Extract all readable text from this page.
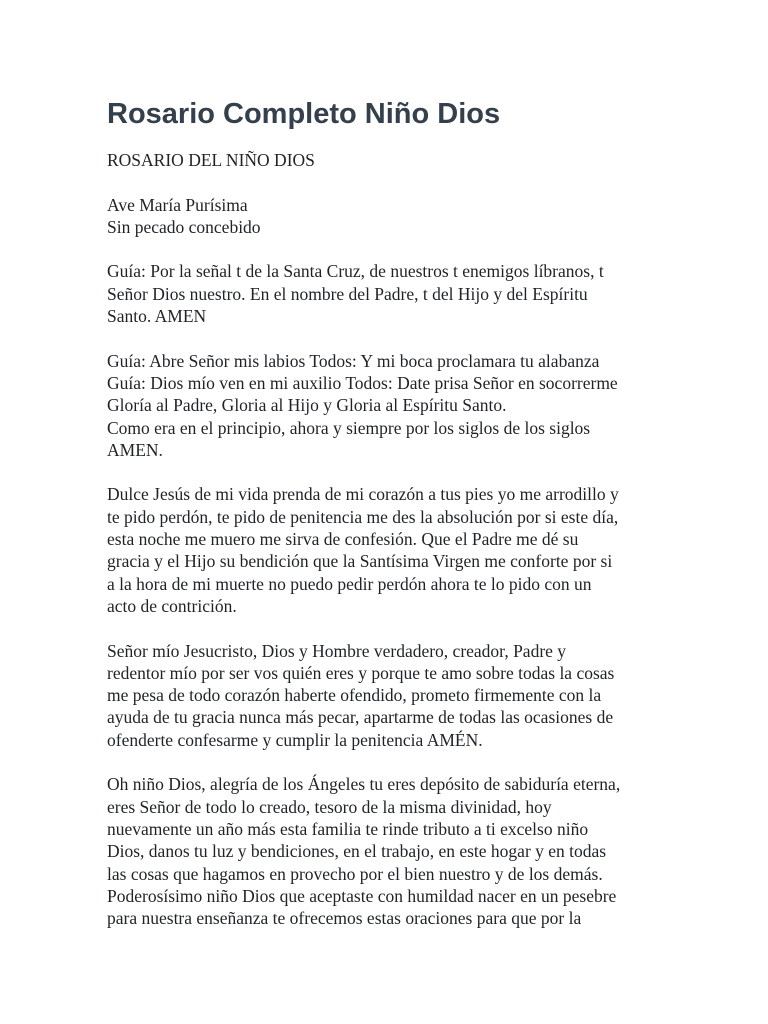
Rosario Completo Niño Dios
ROSARIO DEL NIÑO DIOS
Ave María Purísima
Sin pecado concebido
Guía: Por la señal t de la Santa Cruz, de nuestros t enemigos líbranos, t
Señor Dios nuestro. En el nombre del Padre, t del Hijo y del Espíritu
Santo. AMEN
Guía: Abre Señor mis labios Todos: Y mi boca proclamara tu alabanza
Guía: Dios mío ven en mi auxilio Todos: Date prisa Señor en socorrerme
Gloría al Padre, Gloria al Hijo y Gloria al Espíritu Santo.
Como era en el principio, ahora y siempre por los siglos de los siglos
AMEN.
Dulce Jesús de mi vida prenda de mi corazón a tus pies yo me arrodillo y
te pido perdón, te pido de penitencia me des la absolución por si este día,
esta noche me muero me sirva de confesión. Que el Padre me dé su
gracia y el Hijo su bendición que la Santísima Virgen me conforte por si
a la hora de mi muerte no puedo pedir perdón ahora te lo pido con un
acto de contrición.
Señor mío Jesucristo, Dios y Hombre verdadero, creador, Padre y
redentor mío por ser vos quién eres y porque te amo sobre todas la cosas
me pesa de todo corazón haberte ofendido, prometo firmemente con la
ayuda de tu gracia nunca más pecar, apartarme de todas las ocasiones de
ofenderte confesarme y cumplir la penitencia AMÉN.
Oh niño Dios, alegría de los Ángeles tu eres depósito de sabiduría eterna,
eres Señor de todo lo creado, tesoro de la misma divinidad, hoy
nuevamente un año más esta familia te rinde tributo a ti excelso niño
Dios, danos tu luz y bendiciones, en el trabajo, en este hogar y en todas
las cosas que hagamos en provecho por el bien nuestro y de los demás.
Poderosísimo niño Dios que aceptaste con humildad nacer en un pesebre
para nuestra enseñanza te ofrecemos estas oraciones para que por la
